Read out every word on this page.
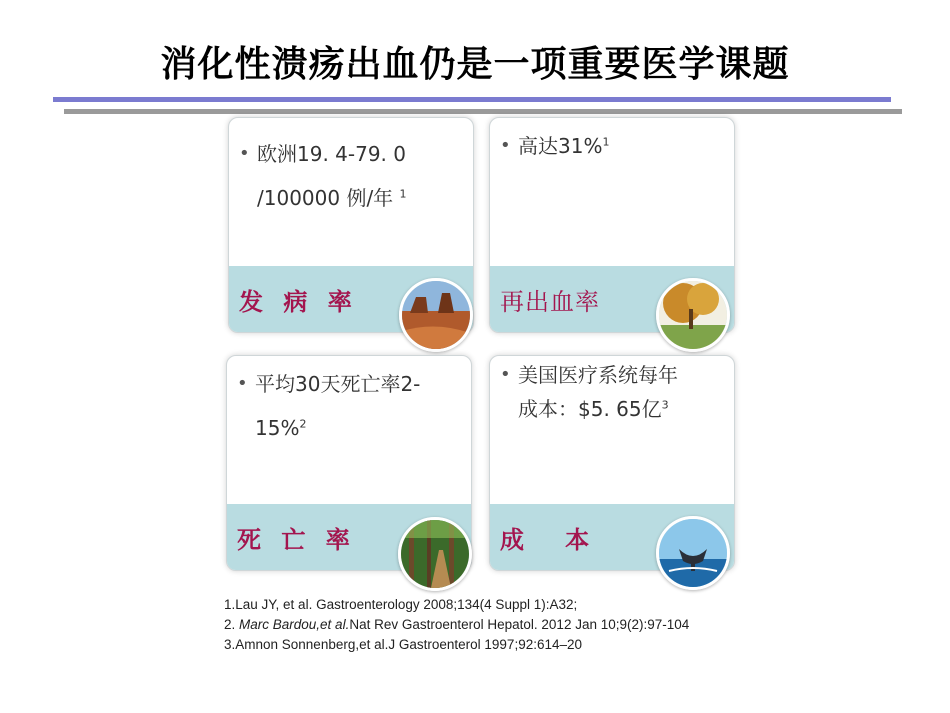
消化性溃疡出血仍是一项重要医学课题
• 欧洲19. 4-79. 0
/100000 例/年 $^1$
发 病 率
• 高达31%$^1$
再出血率
• 平均30天死亡率2-
15%$^2$
死 亡 率
• 美国医疗系统每年
成本：$5. 65亿$^3$
成   本
1.Lau JY, et al. Gastroenterology 2008;134(4 Suppl 1):A32;
2. Marc Bardou,et al.Nat Rev Gastroenterol Hepatol. 2012 Jan 10;9(2):97-104
3.Amnon Sonnenberg,et al.J Gastroenterol 1997;92:614–20
